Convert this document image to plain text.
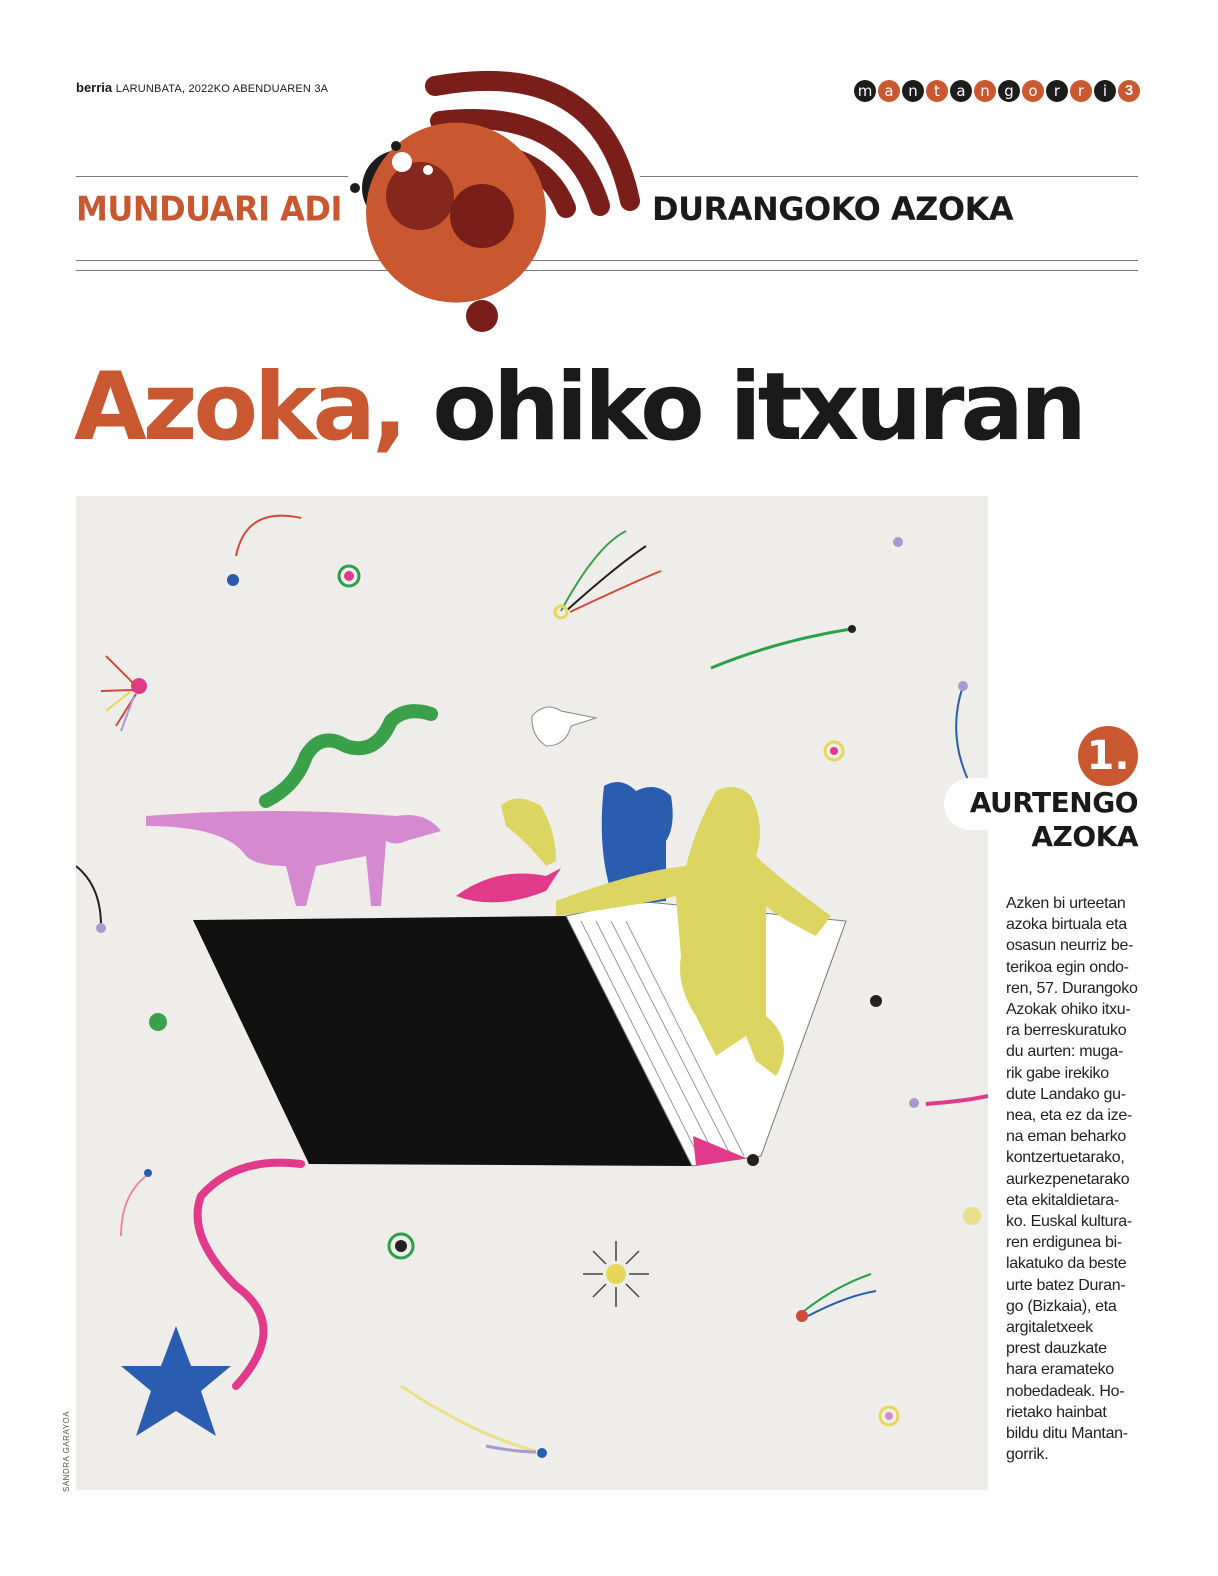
berria LARUNBATA, 2022KO ABENDUAREN 3A	m a n	t	a n g o	r	r	i	3
MUNDUARI ADI	DURANGOKO AZOKA
Azoka, ohiko itxuran
SANDRA GARAYOA
1.
AURTENGO
AZOKA
Azken bi urteetan
azoka birtuala eta
osasun neurriz be-
terikoa egin ondo-
ren, 57. Durangoko
Azokak ohiko itxu-
ra berreskuratuko
du aurten: muga-
rik gabe irekiko
dute Landako gu-
nea, eta ez da ize-
na eman beharko
kontzertuetarako,
aurkezpenetarako
eta ekitaldietara-
ko. Euskal kultura-
ren erdigunea bi-
lakatuko da beste
urte batez Duran-
go (Bizkaia), eta
argitaletxeek
prest dauzkate
hara eramateko
nobedadeak. Ho-
rietako hainbat
bildu ditu Mantan-
gorrik.
